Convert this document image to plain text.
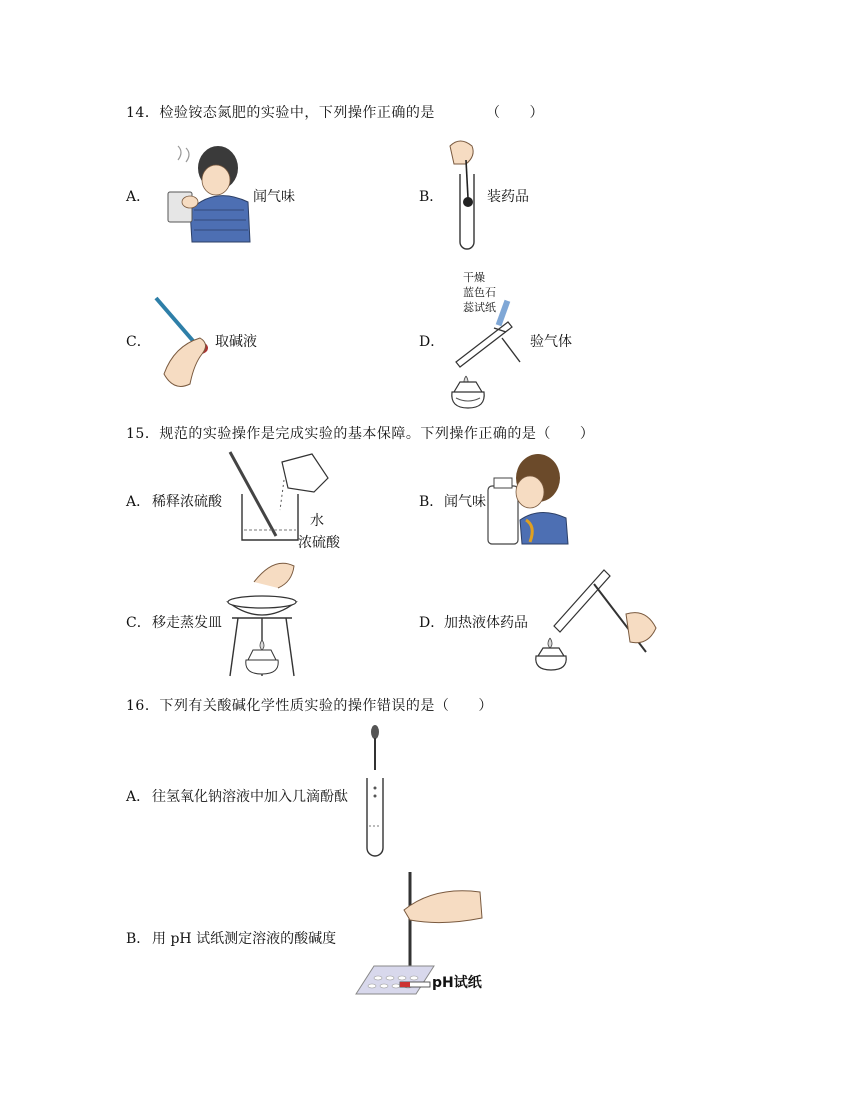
14．检验铵态氮肥的实验中，下列操作正确的是	（　　）
A．	闻气味	B．	装药品
C．	取碱液
干燥
蓝色石
蕊试纸
D．	验气体
15．规范的实验操作是完成实验的基本保障。下列操作正确的是（　　）
A． 稀释浓硫酸
水
浓硫酸
B． 闻气味
C． 移走蒸发皿	D． 加热液体药品
16．下列有关酸碱化学性质实验的操作错误的是（　　）
A． 往氢氧化钠溶液中加入几滴酚酞
B． 用 pH 试纸测定溶液的酸碱度
pH试纸
